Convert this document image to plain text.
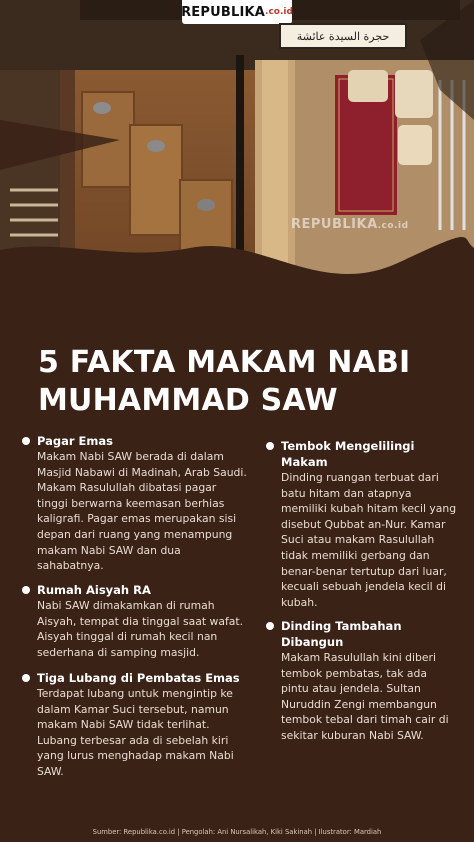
REPUBLIKA .co.id
حجرة السيدة عائشة
REPUBLIKA.co.id
5 FAKTA MAKAM NABI
MUHAMMAD SAW
Pagar Emas
Makam Nabi SAW berada di dalam Masjid Nabawi di Madinah, Arab Saudi. Makam Rasulullah dibatasi pagar tinggi berwarna keemasan berhias kaligrafi. Pagar emas merupakan sisi depan dari ruang yang menampung makam Nabi SAW dan dua sahabatnya.
Rumah Aisyah RA
Nabi SAW dimakamkan di rumah Aisyah, tempat dia tinggal saat wafat. Aisyah tinggal di rumah kecil nan sederhana di samping masjid.
Tiga Lubang di Pembatas Emas
Terdapat lubang untuk mengintip ke dalam Kamar Suci tersebut, namun makam Nabi SAW tidak terlihat. Lubang terbesar ada di sebelah kiri yang lurus menghadap makam Nabi SAW.
Tembok Mengelilingi Makam
Dinding ruangan terbuat dari batu hitam dan atapnya memiliki kubah hitam kecil yang disebut Qubbat an-Nur. Kamar Suci atau makam Rasulullah tidak memiliki gerbang dan benar-benar tertutup dari luar, kecuali sebuah jendela kecil di kubah.
Dinding Tambahan Dibangun
Makam Rasulullah kini diberi tembok pembatas, tak ada pintu atau jendela. Sultan Nuruddin Zengi membangun tembok tebal dari timah cair di sekitar kuburan Nabi SAW.
Sumber: Republika.co.id | Pengolah: Ani Nursalikah, Kiki Sakinah | Ilustrator: Mardiah
